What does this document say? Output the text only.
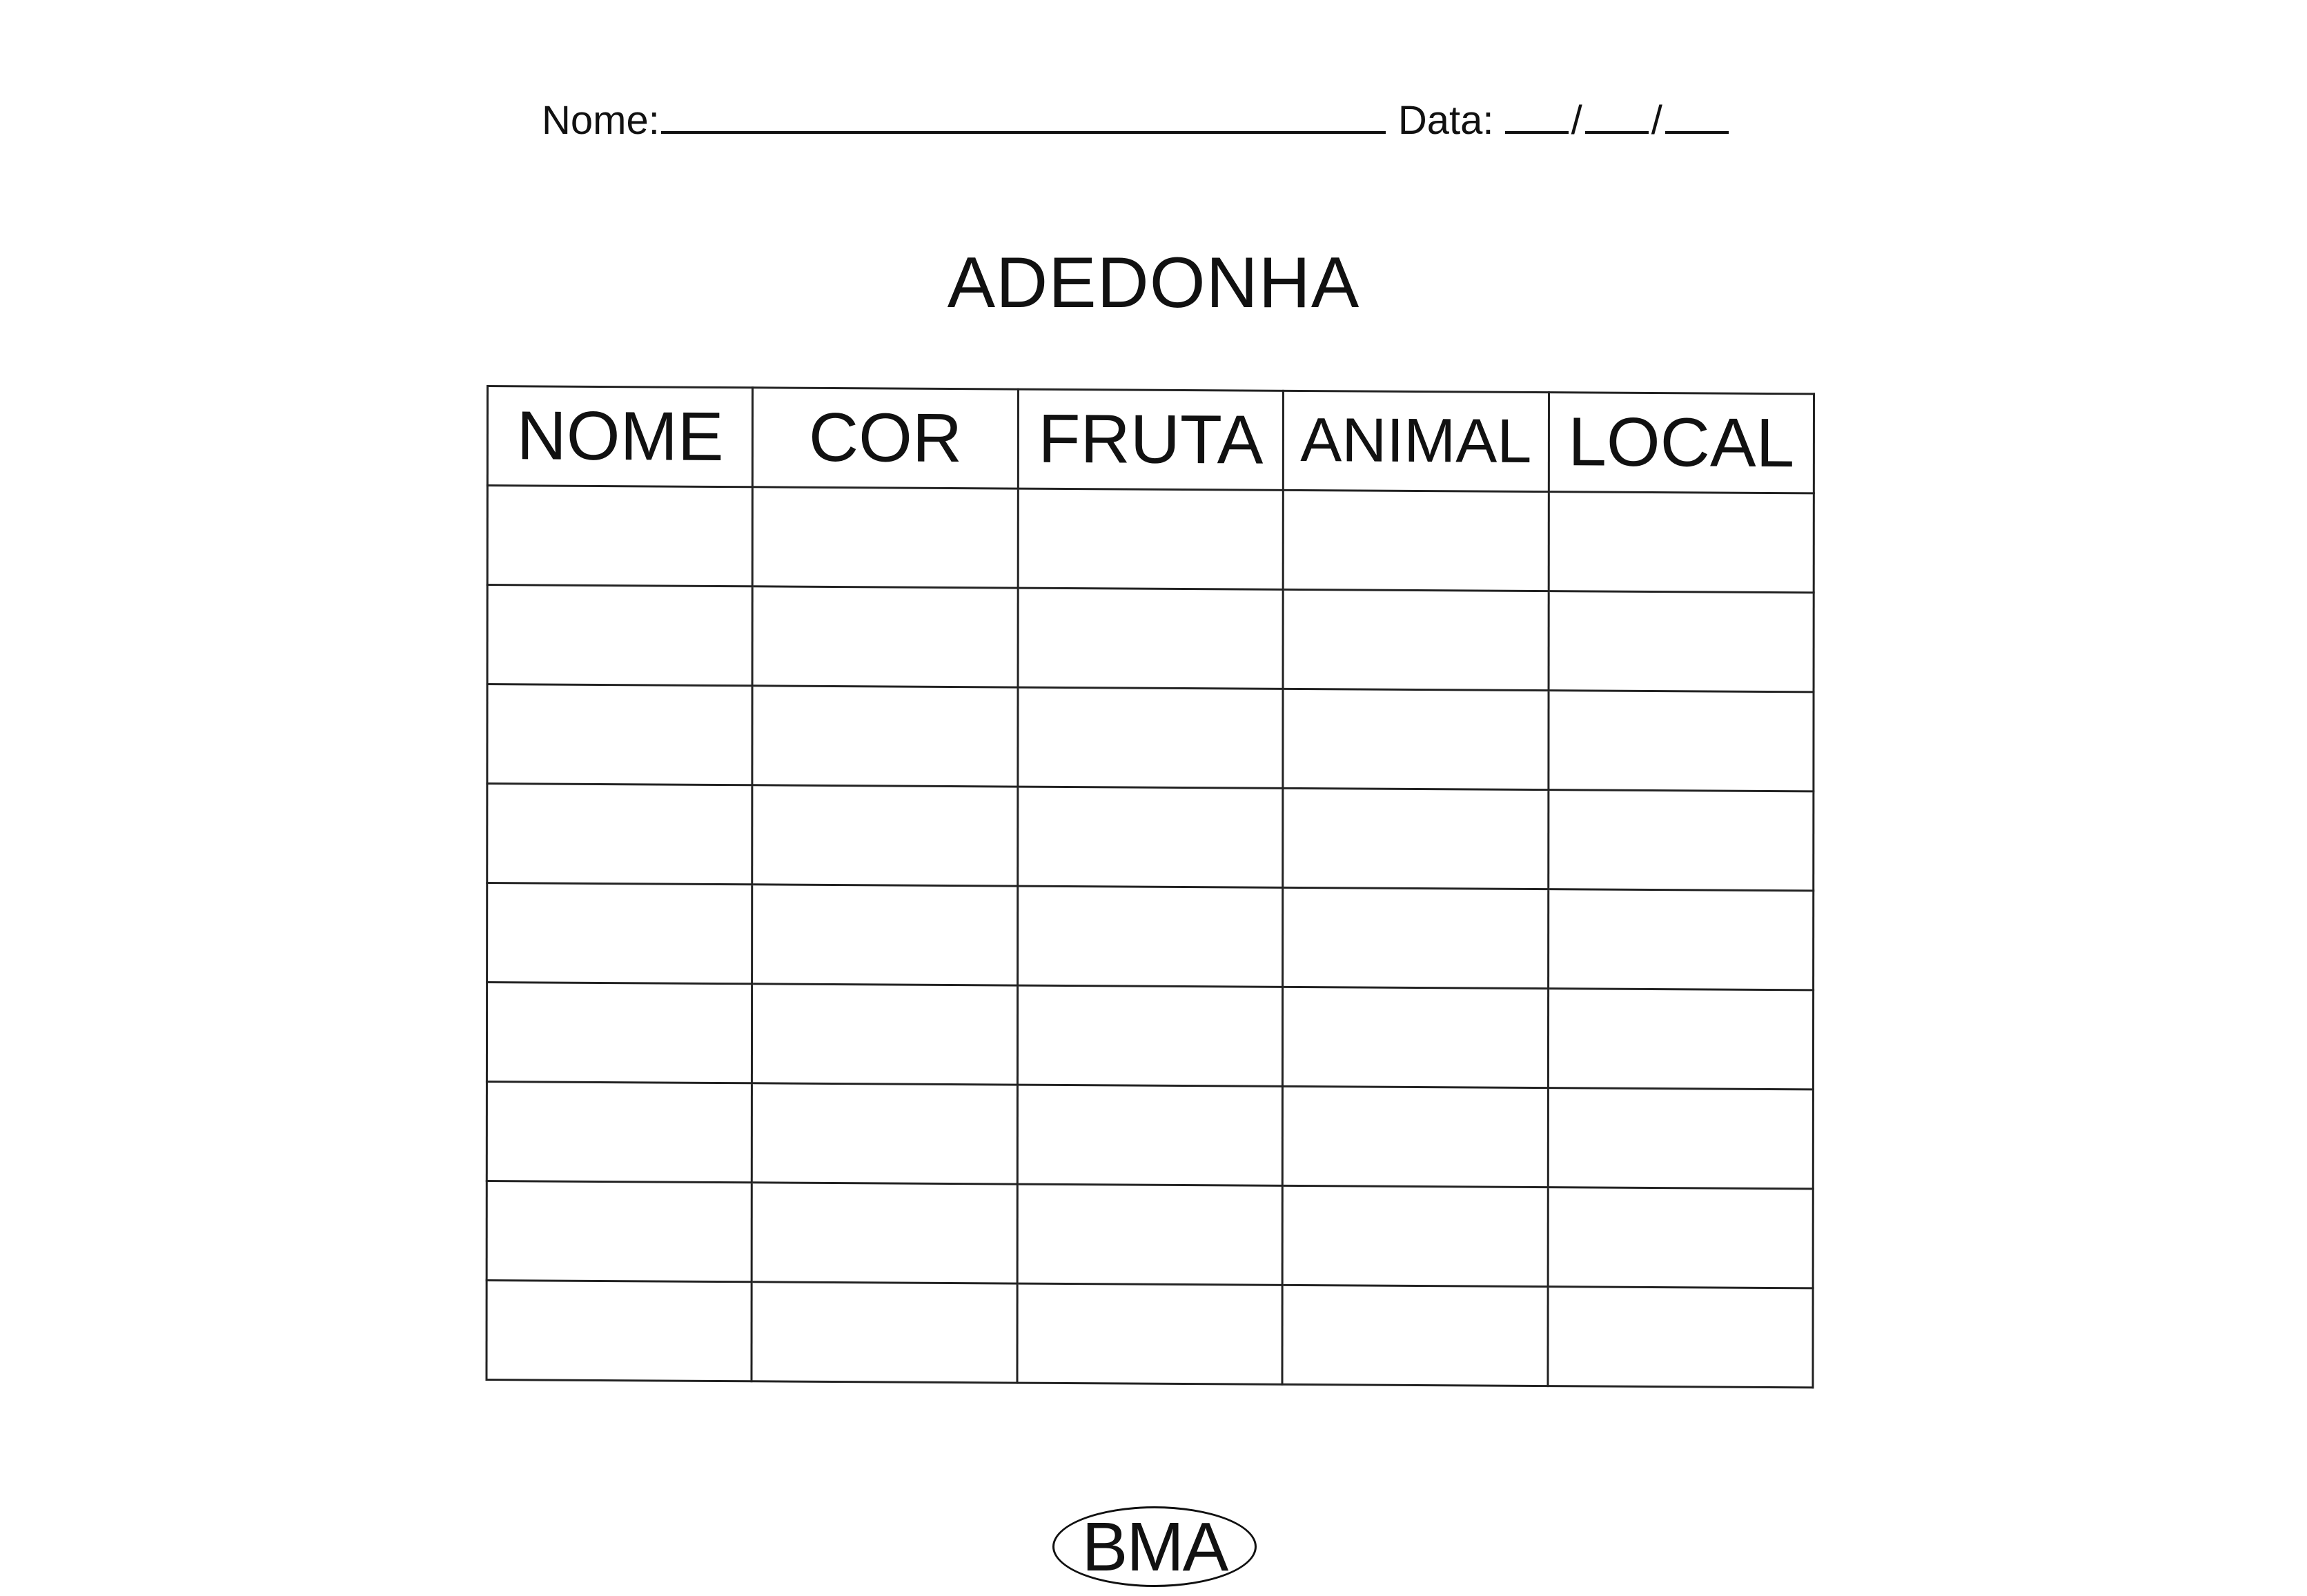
Nome:	Data: / /
ADEDONHA
NOME	COR	FRUTA	ANIMAL	LOCAL

BMA
